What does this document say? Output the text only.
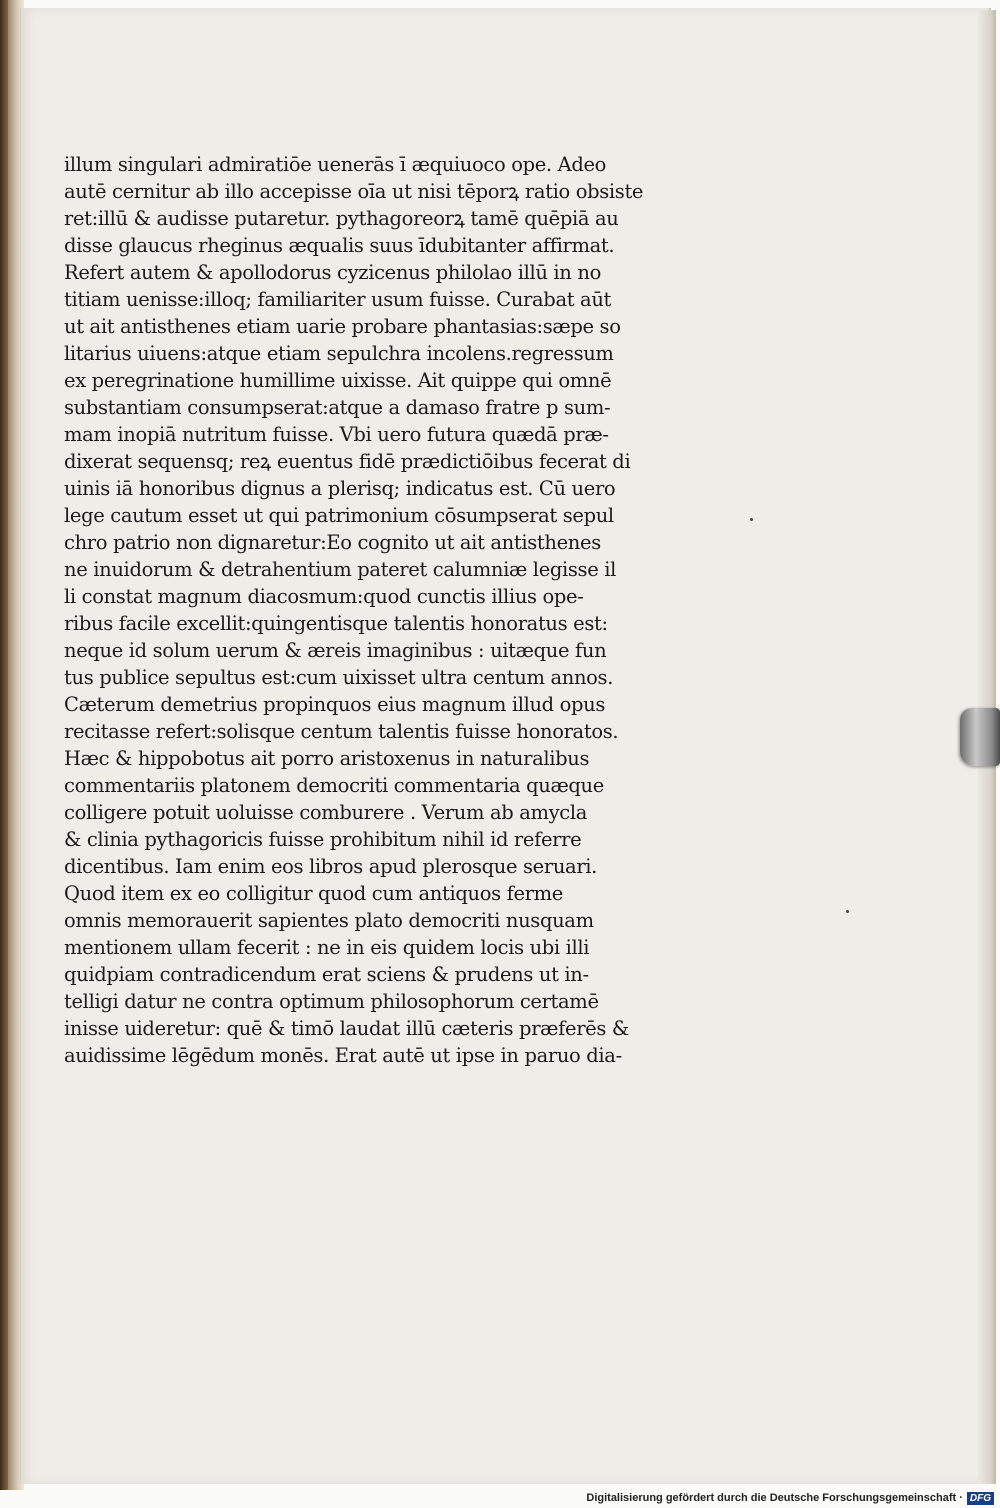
illum singulari admiratiōe uenerās ī æquiuoco ope. Adeo
autē cernitur ab illo accepisse oīa ut nisi tēporꝝ ratio obsiste
ret:illū & audisse putaretur. pythagoreorꝝ tamē quēpiā au
disse glaucus rheginus æqualis suus īdubitanter affirmat.
Refert autem & apollodorus cyzicenus philolao illū in no
titiam uenisse:illoq; familiariter usum fuisse. Curabat aūt
ut ait antisthenes etiam uarie probare phantasias:sæpe so
litarius uiuens:atque etiam sepulchra incolens.regressum
ex peregrinatione humillime uixisse. Ait quippe qui omnē
substantiam consumpserat:atque a damaso fratre p sum-
mam inopiā nutritum fuisse. Vbi uero futura quædā præ-
dixerat sequensq; reꝝ euentus fidē prædictiōibus fecerat di
uinis iā honoribus dignus a plerisq; indicatus est. Cū uero
lege cautum esset ut qui patrimonium cōsumpserat sepul
chro patrio non dignaretur:Eo cognito ut ait antisthenes
ne inuidorum & detrahentium pateret calumniæ legisse il
li constat magnum diacosmum:quod cunctis illius ope-
ribus facile excellit:quingentisque talentis honoratus est:
neque id solum uerum & æreis imaginibus : uitæque fun
tus publice sepultus est:cum uixisset ultra centum annos.
Cæterum demetrius propinquos eius magnum illud opus
recitasse refert:solisque centum talentis fuisse honoratos.
Hæc & hippobotus ait porro aristoxenus in naturalibus
commentariis platonem democriti commentaria quæque
colligere potuit uoluisse comburere . Verum ab amycla
& clinia pythagoricis fuisse prohibitum nihil id referre
dicentibus. Iam enim eos libros apud plerosque seruari.
Quod item ex eo colligitur quod cum antiquos ferme
omnis memorauerit sapientes plato democriti nusquam
mentionem ullam fecerit : ne in eis quidem locis ubi illi
quidpiam contradicendum erat sciens & prudens ut in-
telligi datur ne contra optimum philosophorum certamē
inisse uideretur: quē & timō laudat illū cæteris præferēs &
auidissime lēgēdum monēs. Erat autē ut ipse in paruo dia-
Digitalisierung gefördert durch die Deutsche Forschungsgemeinschaft · DFG
